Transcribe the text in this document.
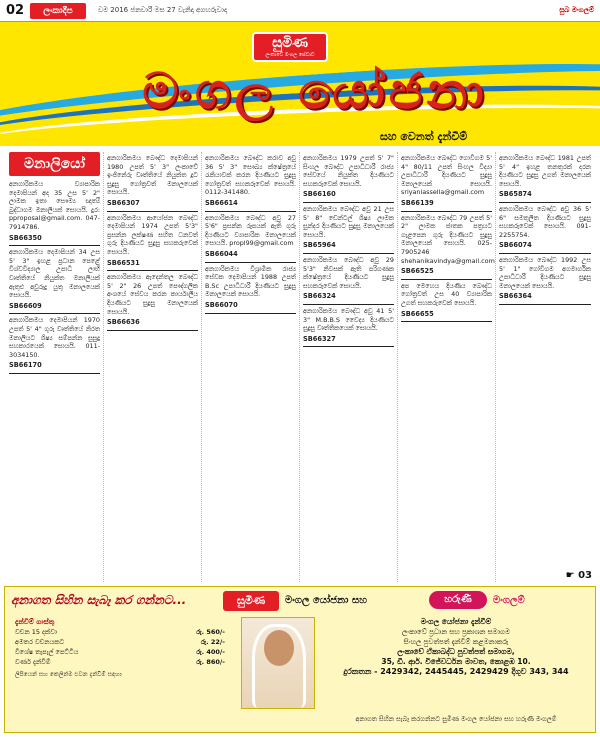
02	ලංකාදීප	වම 2016 ජනවාරි මස 27 වැනිදා අගහරුවාදා	සුබ මංගලම්
සුමිණ
ලංකාවේ මංගල සේවාව
මංගල යෝජනා
සහ වෙනත් දැන්වීම්
මනාලියෝ
අනගාරිකමය ව්‍යාපාරික දෙමාපියන් අද 35 උස 5' 2" ලාමක ඉතා සෞම්‍ය ඥාත්‍යී බුද්ධාගම මනාලියක් සොයයි. දුර: pproposal@gmail.com. 047-7914786.
SB66350
අනගාරිකමය දෙමාපියන් 34 උස 5' 3" ඉහළ ප්‍රධාන පෙළේ විශ්වවිද්‍යාල උපාධි ලාභී වෘත්තියේ නියුක්ත මනාලියක් ඇතුළු අවුරුදු යුතු මනාලයෙක් සොයයි.
SB66609
අනගාරිකමය දෙමාපියන් 1970 උපත් 5' 4" ගුරු වෘත්තියේ නිරත මනාලියට ශිෂ්‍ය සම්පන්න සුසුදු සහකාරයෙක් සොයයි. 011-3034150.
SB66170
අනගාරිකමය බෞද්ධ දෙමාපියන් 1980 උපත් 5' 3" ලංකාවේ ඉංජිනේරු වෘත්තියේ නියුක්ත දූට සුදුසු ගෝත්‍රවත් මනාලයෙක් සොයයි.
SB66307
අනගාරිකමය ආයෝජන බෞද්ධ දෙමාපියන් 1974 උපත් 5'3" ප්‍රසන්න ලක්ෂණ සහිත ධනවත් ගුරු දියණියට සුදුසු සහකරුවෙක් සොයයි.
SB66531
අනගාරිකමය ඇදෙන්තල බෞද්ධ 5' 2" 26 උපත් පෞද්ගලික අංශයේ සේවය කරන කාර්යාලීය දියණියට සුදුසු මනාලයෙක් සොයයි.
SB66636
අනගාරිකමය බෞද්ධ කරාව අවු 36 5' 3" සෞඛ්‍ය ක්ෂේත්‍රයේ රැකියාවක් කරන දියණියට සුදුසු ගෝත්‍රවත් සහකරුවෙක් සොයයි. 0112-341480.
SB66614
අනගාරිකමය බෞද්ධ අවු 27 5'6" ප්‍රසන්න රූපයක් ඇති ගුරු දියණියට ව්‍යාපාරික මනාලයෙක් සොයයි. propl99@gmail.com
SB66044
අනගාරිකමය විශ්‍රාමික රාජ්‍ය සේවක දෙමාපියන් 1988 උපත් B.Sc උපාධිධාරී දියණියට සුදුසු මනාලයෙක් සොයයි.
SB66070
අනගාරිකමය 1979 උපත් 5' 7" සිංහල බෞද්ධ උපාධිධාරී රාජ්‍ය සේවයේ නියුක්ත දියණියට සහකරුවෙක් සොයයි.
SB66160
අනගාරිකමය බෞද්ධ අවු 21 උස 5' 8" ඩෙන්ටල් ශිෂ්‍ය ලාමක සුන්දර දියණියට සුදුසු මනාලයෙක් සොයයි.
SB65964
අනගාරිකමය බෞද්ධ අවු 29 5'3" නිවසක් ඇති පරිගණක ක්ෂේත්‍රයේ දියණියට සුදුසු සහකරුවෙක් සොයයි.
SB66324
අනගාරිකමය බෞද්ධ අවු 41 5' 3" M.B.B.S වෛද්‍ය දියණියට සුදුසු වෘත්තිකයෙක් සොයයි.
SB66327
අනගාරිකමය බෞද්ධ ගොවිගම 5' 4" 80/11 උපත් සිංහල විද්‍යා උපාධිධාරී දියණියට සුදුසු මනාලයෙක් සොයයි. sriyaniassella@gmail.com
SB66139
අනගාරිකමය බෞද්ධ 79 උපත් 5' 2" ලාමක ජාතක පත්‍රයට ගැළපෙන ගුරු දියණියට සුදුසු මනාලයෙක් සොයයි. 025-7905246 shehanikavindya@gmail.com
SB66525
අප මෙහෙය දියණිය බෞද්ධ ගෝත්‍රවත් උස 40 ව්‍යාපාරික උගත් සහකරුවෙක් සොයයි.
SB66655
අනගාරිකමය බෞද්ධ 1981 උපත් 5' 4" ඉහළ තනතුරක් දරන දියණියට සුදුසු උගත් මනාලයෙක් සොයයි.
SB65874
අනගාරිකමය බෞද්ධ අවු 36 5' 6" සමතුලිත දියණියට සුදුසු සහකරුවෙක් සොයයි. 091-2255754.
SB66074
අනගාරිකමය බෞද්ධ 1992 උස 5' 1" ගෝවිගම අගමාර්ගික උපාධිධාරී දියණියට සුදුසු මනාලයෙක් සොයයි.
SB66364
☛ 03
අනාගත සිහින සැබෑ කර ගන්නට...	සුමිණ	මංගල යෝජනා සහ	හරුණී	මංගලම්
දැන්වීම් ගාස්තු
වචන 15 දක්වා	රු. 560/-
අමතර වචනයකට	රු. 22/-
විශේෂ තැපැල් පෙට්ටිය	රු. 400/-
වර්ණ දැන්වීම්	රු. 860/-
ලිපියෙන් සහ කෙලින්ම එවන දැන්වීම් සඳහා
මංගල යෝජනා දැන්වීම්
ලංකාවේ ප්‍රධාන සහ ප්‍රකාශන සමාගම
සිංහල පුවත්පත් දැන්වීම් කළමනාකරු
ලංකාවේ ඒකාබද්ධ පුවත්පත් සමාගම,
35, ඩී. ආර්. විජේවර්ධන මාවත, කොළඹ 10.
දුරකතන - 2429342, 2445445, 2429429 දිගුව 343, 344
අනාගත සිහින සැබෑ කරගන්නට සුමිණ මංගල යෝජනා සහ හරුණී මංගලම්
